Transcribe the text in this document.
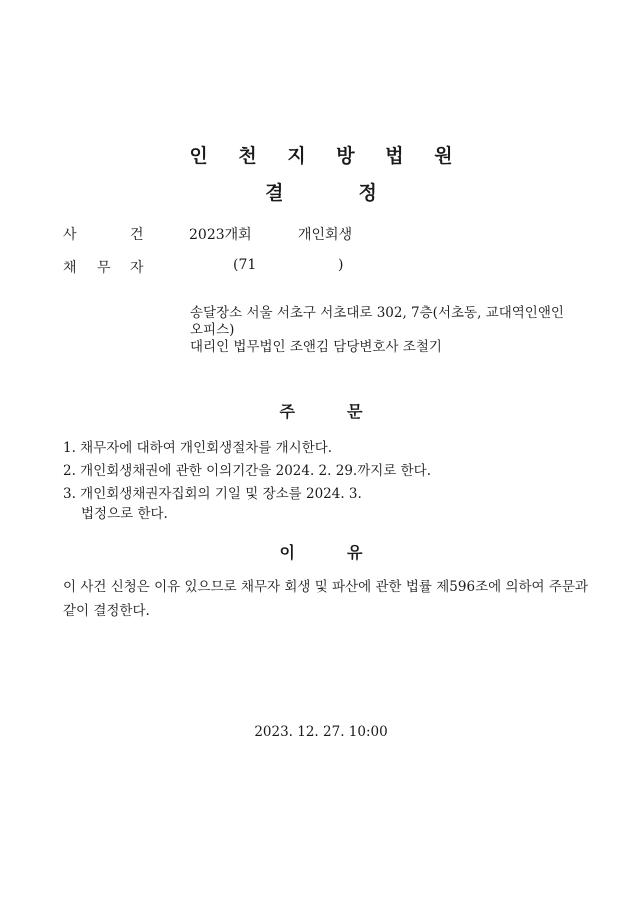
인 천 지 방 법 원
결	정
사	건	2023개회	개인회생
채 무 자	(71	)
송달장소 서울 서초구 서초대로 302, 7층(서초동, 교대역인앤인
오피스)
대리인 법무법인 조앤김 담당변호사 조철기
주	문
1. 채무자에 대하여 개인회생절차를 개시한다.
2. 개인회생채권에 관한 이의기간을 2024. 2. 29.까지로 한다.
3. 개인회생채권자집회의 기일 및 장소를 2024. 3.
법정으로 한다.
이	유
이 사건 신청은 이유 있으므로 채무자 회생 및 파산에 관한 법률 제596조에 의하여 주문과 같이 결정한다.
2023. 12. 27. 10:00
